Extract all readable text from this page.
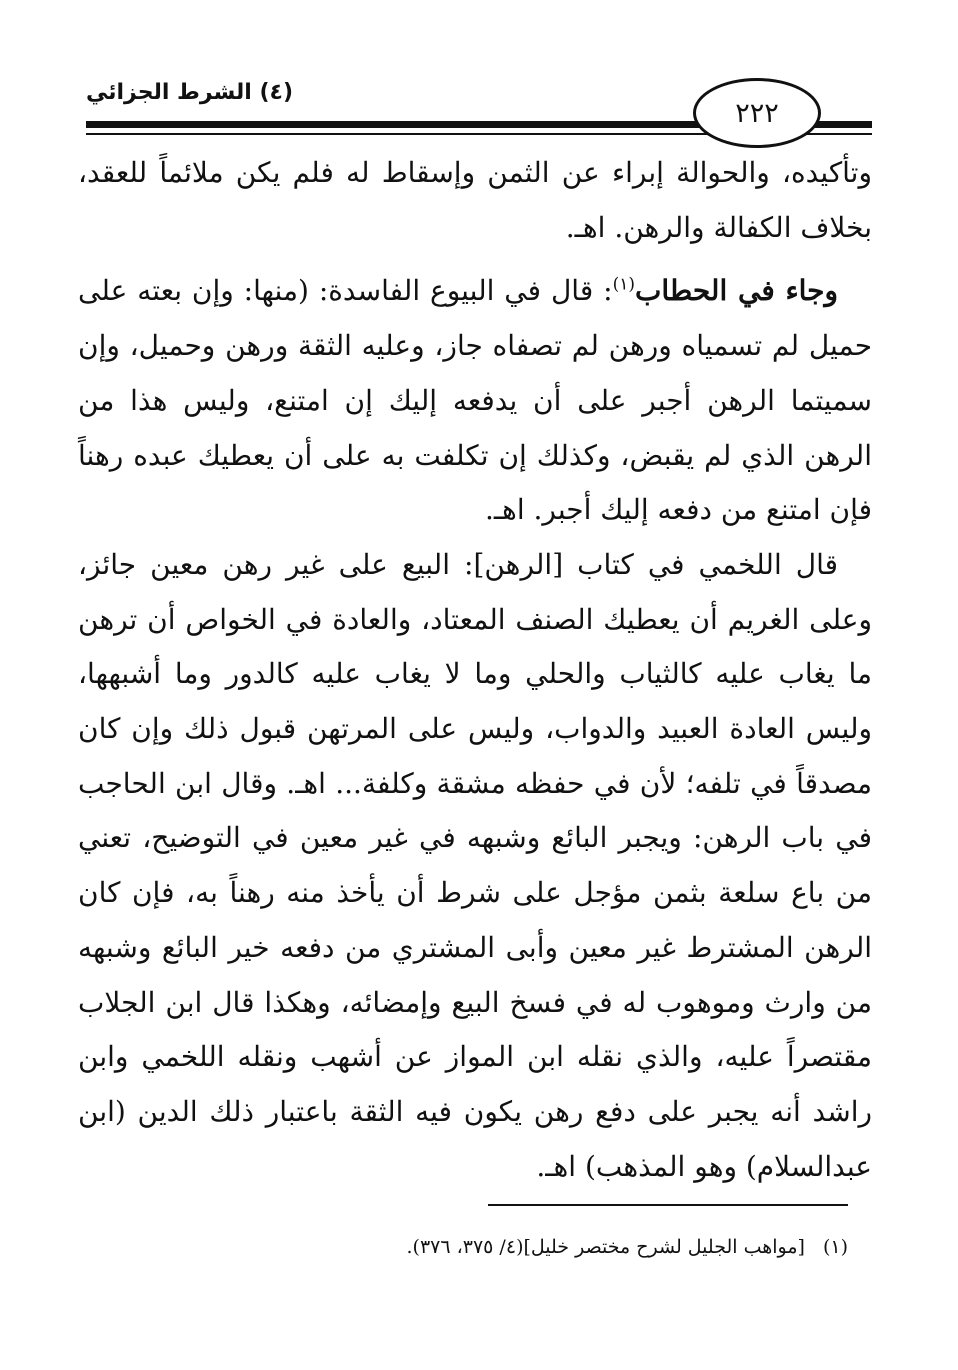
٢٢٢
(٤) الشرط الجزائي

وتأكيده، والحوالة إبراء عن الثمن وإسقاط له فلم يكن ملائماً للعقد، بخلاف الكفالة والرهن. اهـ.

وجاء في الحطاب$^{(١)}$: قال في البيوع الفاسدة: (منها: وإن بعته على حميل لم تسمياه ورهن لم تصفاه جاز، وعليه الثقة ورهن وحميل، وإن سميتما الرهن أجبر على أن يدفعه إليك إن امتنع، وليس هذا من الرهن الذي لم يقبض، وكذلك إن تكلفت به على أن يعطيك عبده رهناً فإن امتنع من دفعه إليك أجبر. اهـ.

قال اللخمي في كتاب [الرهن]: البيع على غير رهن معين جائز، وعلى الغريم أن يعطيك الصنف المعتاد، والعادة في الخواص أن ترهن ما يغاب عليه كالثياب والحلي وما لا يغاب عليه كالدور وما أشبهها، وليس العادة العبيد والدواب، وليس على المرتهن قبول ذلك وإن كان مصدقاً في تلفه؛ لأن في حفظه مشقة وكلفة... اهـ. وقال ابن الحاجب في باب الرهن: ويجبر البائع وشبهه في غير معين في التوضيح، تعني من باع سلعة بثمن مؤجل على شرط أن يأخذ منه رهناً به، فإن كان الرهن المشترط غير معين وأبى المشتري من دفعه خير البائع وشبهه من وارث وموهوب له في فسخ البيع وإمضائه، وهكذا قال ابن الجلاب مقتصراً عليه، والذي نقله ابن المواز عن أشهب ونقله اللخمي وابن راشد أنه يجبر على دفع رهن يكون فيه الثقة باعتبار ذلك الدين (ابن عبدالسلام) وهو المذهب) اهـ.

(١)[مواهب الجليل لشرح مختصر خليل](٤/ ٣٧٥، ٣٧٦).
